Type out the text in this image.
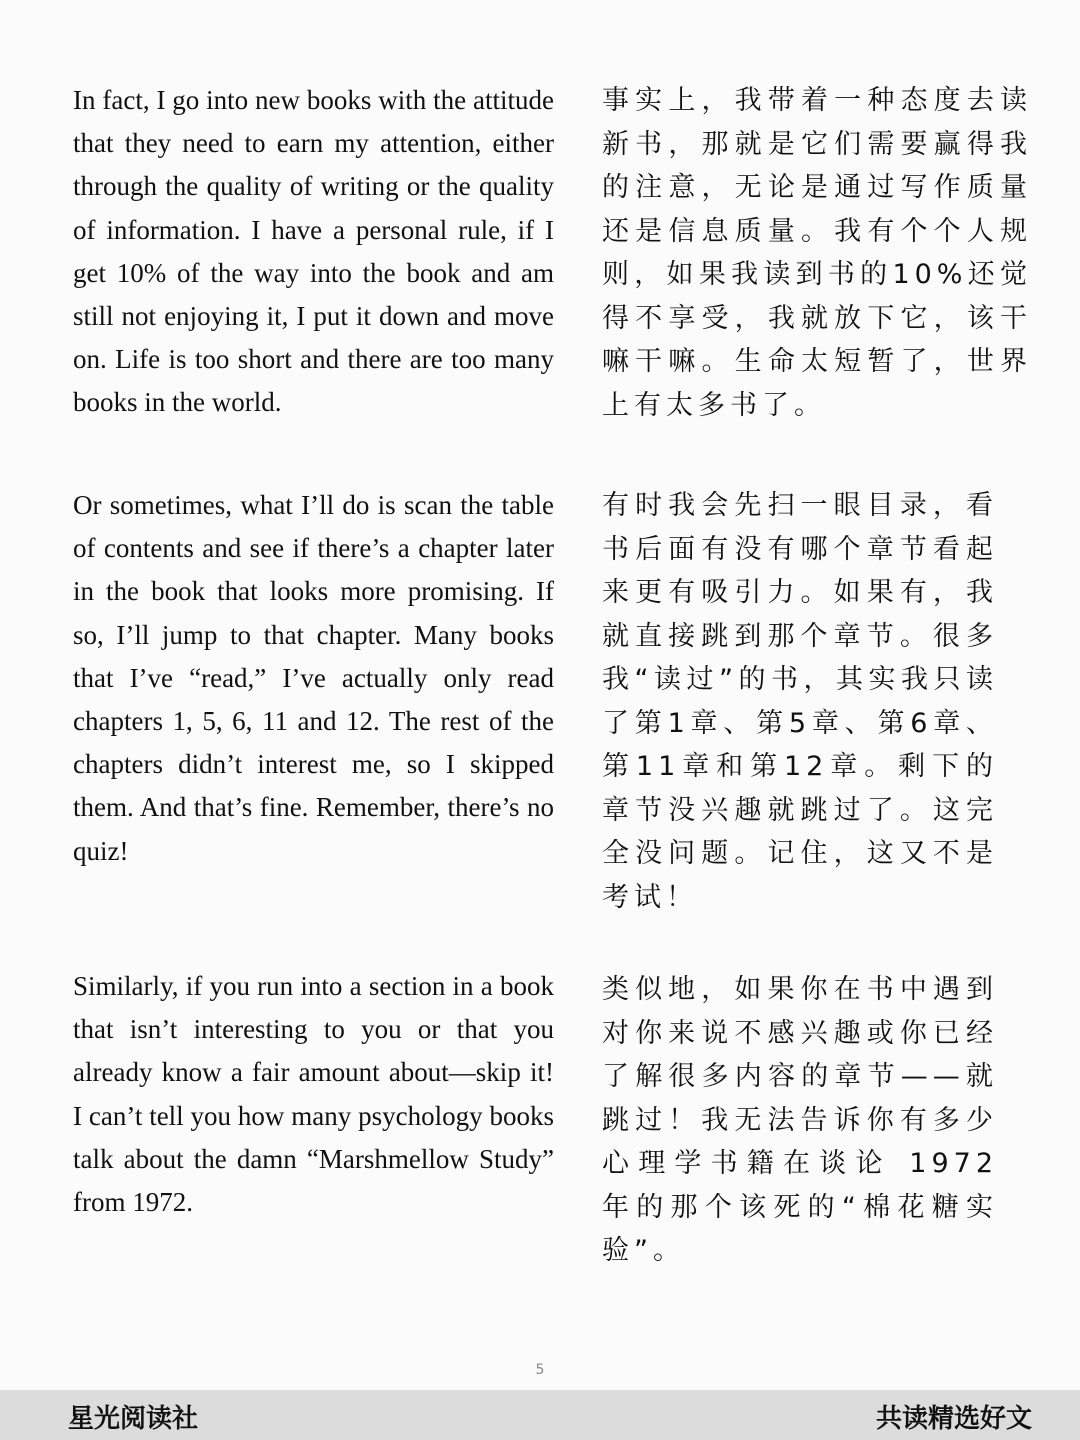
In fact, I go into new books with the attitude that they need to earn my attention, either through the quality of writing or the quality of information. I have a personal rule, if I get 10% of the way into the book and am still not enjoying it, I put it down and move on. Life is too short and there are too many books in the world.

事实上，我带着一种态度去读新书，那就是它们需要赢得我的注意，无论是通过写作质量还是信息质量。我有个个人规则，如果我读到书的10%还觉得不享受，我就放下它，该干嘛干嘛。生命太短暂了，世界上有太多书了。

Or sometimes, what I’ll do is scan the table of contents and see if there’s a chapter later in the book that looks more promising. If so, I’ll jump to that chapter. Many books that I’ve “read,” I’ve actually only read chapters 1, 5, 6, 11 and 12. The rest of the chapters didn’t interest me, so I skipped them. And that’s fine. Remember, there’s no quiz!

有时我会先扫一眼目录，看书后面有没有哪个章节看起来更有吸引力。如果有，我就直接跳到那个章节。很多我“读过”的书，其实我只读了第1章、第5章、第6章、第11章和第12章。剩下的章节没兴趣就跳过了。这完全没问题。记住，这又不是考试！

Similarly, if you run into a section in a book that isn’t interesting to you or that you already know a fair amount about—skip it! I can’t tell you how many psychology books talk about the damn “Marshmellow Study” from 1972.

类似地，如果你在书中遇到对你来说不感兴趣或你已经了解很多内容的章节——就跳过！我无法告诉你有多少心理学书籍在谈论 1972 年的那个该死的“棉花糖实验”。

5
星光阅读社	共读精选好文
